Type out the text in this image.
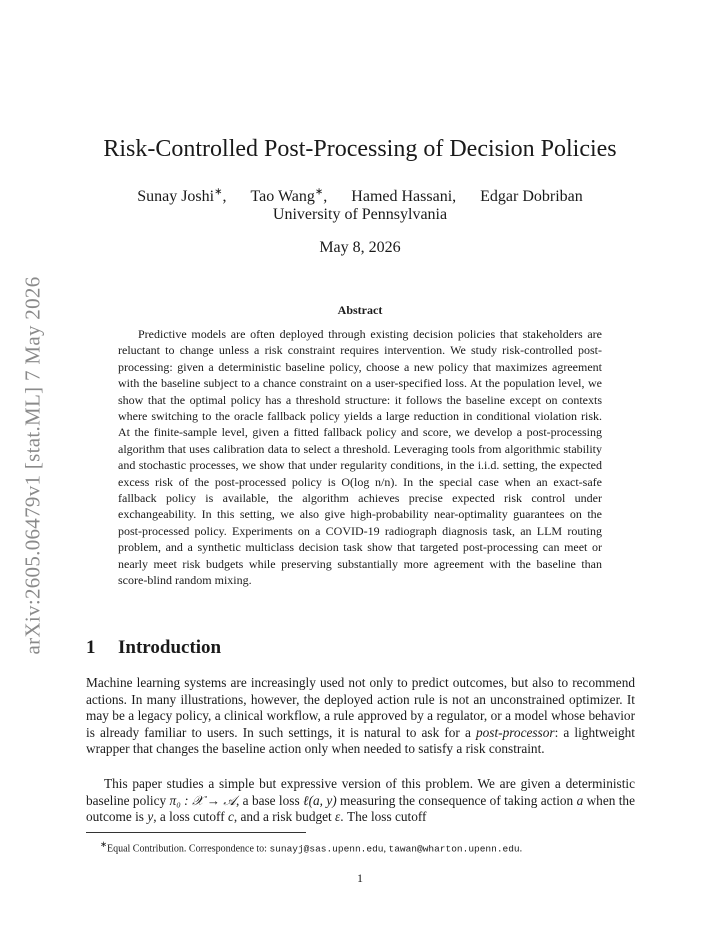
arXiv:2605.06479v1 [stat.ML] 7 May 2026
Risk-Controlled Post-Processing of Decision Policies
Sunay Joshi∗, Tao Wang∗, Hamed Hassani, Edgar Dobriban
University of Pennsylvania
May 8, 2026
Abstract

Predictive models are often deployed through existing decision policies that stakeholders are reluctant to change unless a risk constraint requires intervention. We study risk-controlled post-processing: given a deterministic baseline policy, choose a new policy that maximizes agreement with the baseline subject to a chance constraint on a user-specified loss. At the population level, we show that the optimal policy has a threshold structure: it follows the baseline except on contexts where switching to the oracle fallback policy yields a large reduction in conditional violation risk. At the finite-sample level, given a fitted fallback policy and score, we develop a post-processing algorithm that uses calibration data to select a threshold. Leveraging tools from algorithmic stability and stochastic processes, we show that under regularity conditions, in the i.i.d. setting, the expected excess risk of the post-processed policy is O(log n/n). In the special case when an exact-safe fallback policy is available, the algorithm achieves precise expected risk control under exchangeability. In this setting, we also give high-probability near-optimality guarantees on the post-processed policy. Experiments on a COVID-19 radiograph diagnosis task, an LLM routing problem, and a synthetic multiclass decision task show that targeted post-processing can meet or nearly meet risk budgets while preserving substantially more agreement with the baseline than score-blind random mixing.

1 Introduction

Machine learning systems are increasingly used not only to predict outcomes, but also to recommend actions. In many illustrations, however, the deployed action rule is not an unconstrained optimizer. It may be a legacy policy, a clinical workflow, a rule approved by a regulator, or a model whose behavior is already familiar to users. In such settings, it is natural to ask for a post-processor: a lightweight wrapper that changes the baseline action only when needed to satisfy a risk constraint.

This paper studies a simple but expressive version of this problem. We are given a deterministic baseline policy π₀ : 𝒳 → 𝒜, a base loss ℓ(a, y) measuring the consequence of taking action a when the outcome is y, a loss cutoff c, and a risk budget ε. The loss cutoff

∗Equal Contribution. Correspondence to: sunayj@sas.upenn.edu, tawan@wharton.upenn.edu.
1
